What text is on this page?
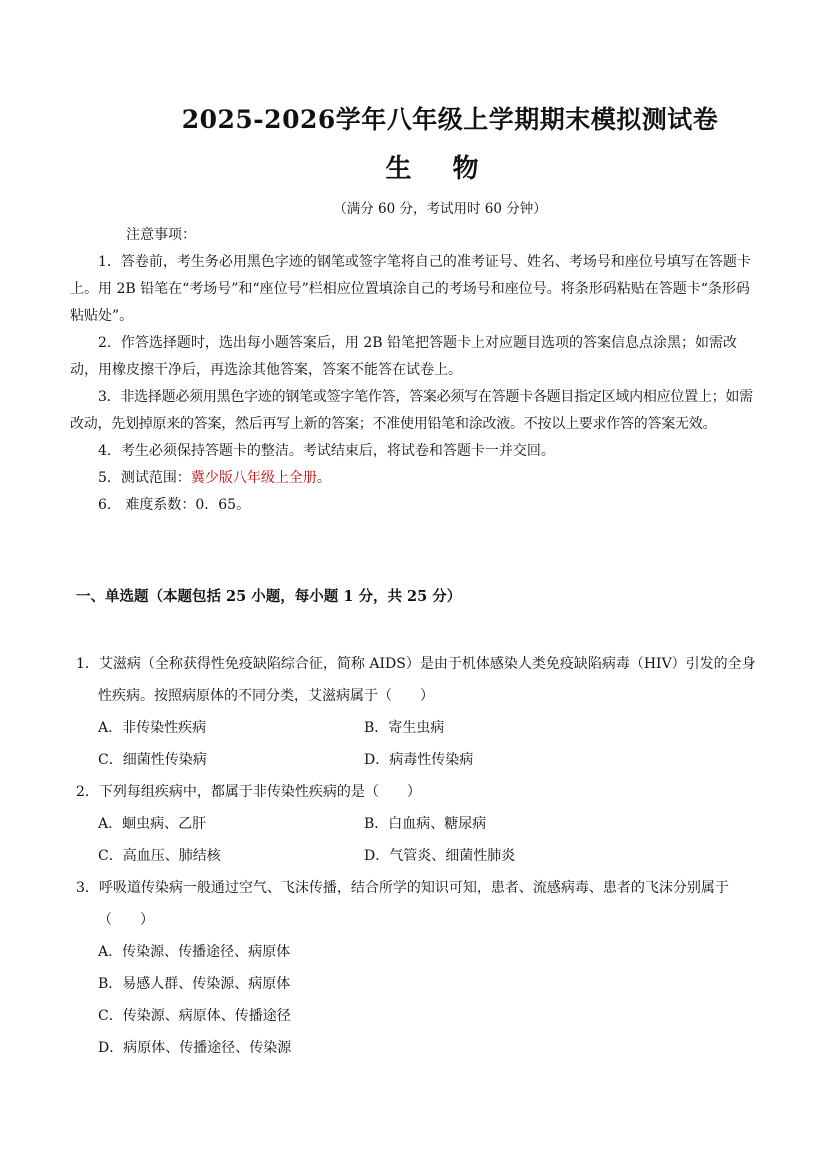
2025-2026学年八年级上学期期末模拟测试卷
生 物
（满分 60 分，考试用时 60 分钟）

注意事项：

1．答卷前，考生务必用黑色字迹的钢笔或签字笔将自己的准考证号、姓名、考场号和座位号填写在答题卡上。用 2B 铅笔在“考场号”和“座位号”栏相应位置填涂自己的考场号和座位号。将条形码粘贴在答题卡“条形码粘贴处”。

2．作答选择题时，选出每小题答案后，用 2B 铅笔把答题卡上对应题目选项的答案信息点涂黑；如需改动，用橡皮擦干净后，再选涂其他答案，答案不能答在试卷上。

3．非选择题必须用黑色字迹的钢笔或签字笔作答，答案必须写在答题卡各题目指定区域内相应位置上；如需改动，先划掉原来的答案，然后再写上新的答案；不准使用铅笔和涂改液。不按以上要求作答的答案无效。

4．考生必须保持答题卡的整洁。考试结束后，将试卷和答题卡一并交回。

5．测试范围：冀少版八年级上全册。

6． 难度系数：0．65。

一、单选题（本题包括 25 小题，每小题 1 分，共 25 分）
1．艾滋病（全称获得性免疫缺陷综合征，简称 AIDS）是由于机体感染人类免疫缺陷病毒（HIV）引发的全身性疾病。按照病原体的不同分类，艾滋病属于（　　）
A．非传染性疾病	B．寄生虫病
C．细菌性传染病	D．病毒性传染病
2．下列每组疾病中，都属于非传染性疾病的是（　　）
A．蛔虫病、乙肝	B．白血病、糖尿病
C．高血压、肺结核	D．气管炎、细菌性肺炎
3．呼吸道传染病一般通过空气、飞沫传播，结合所学的知识可知，患者、流感病毒、患者的飞沫分别属于（　　）
A．传染源、传播途径、病原体
B．易感人群、传染源、病原体
C．传染源、病原体、传播途径
D．病原体、传播途径、传染源
